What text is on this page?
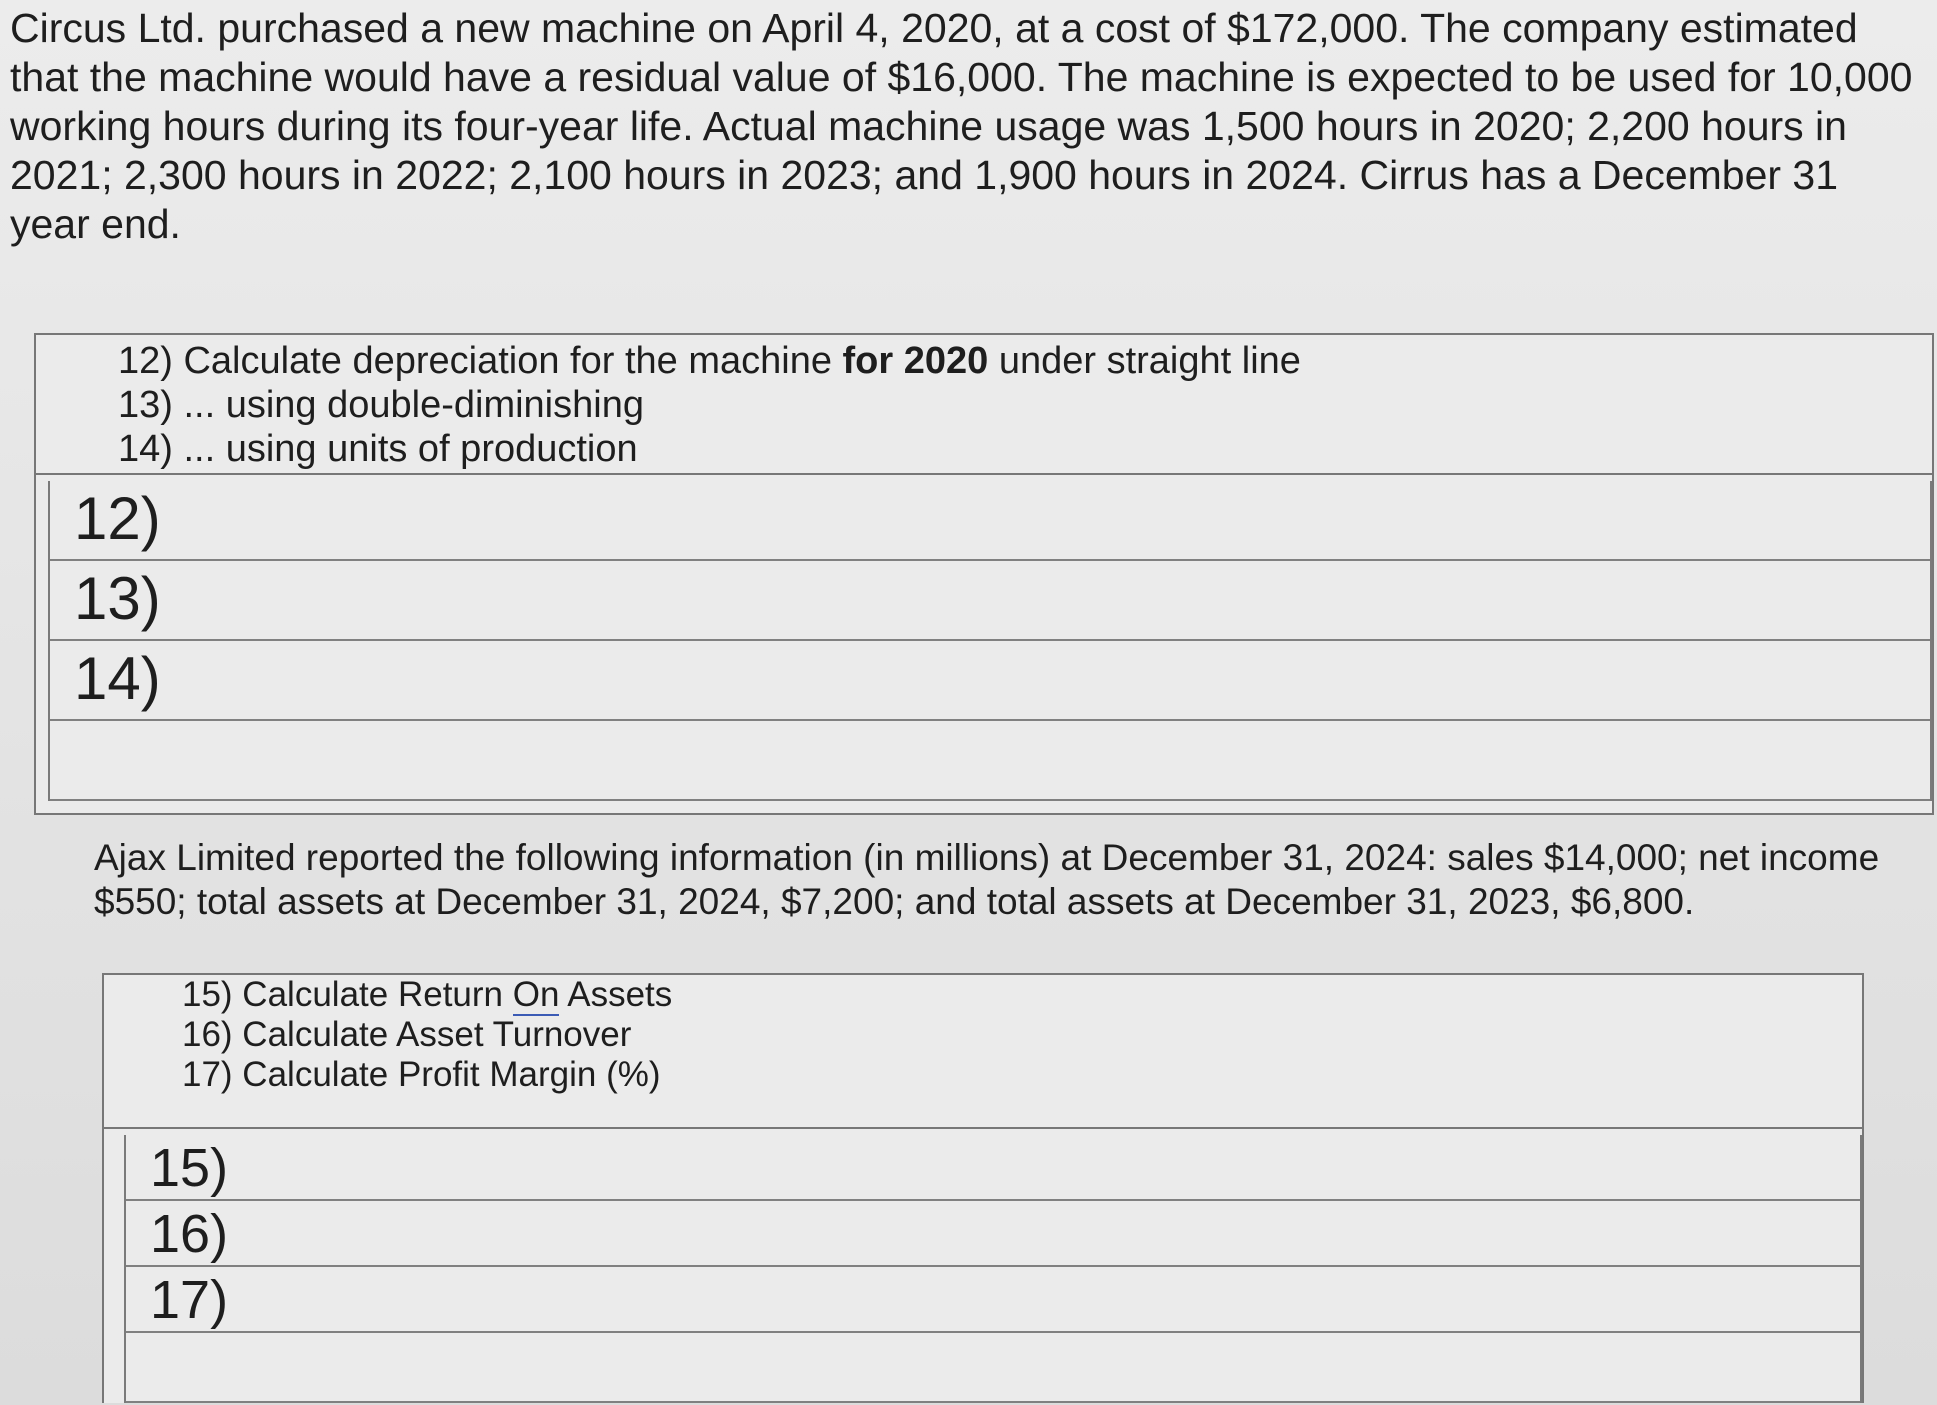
Circus Ltd. purchased a new machine on April 4, 2020, at a cost of $172,000. The company estimated that the machine would have a residual value of $16,000. The machine is expected to be used for 10,000 working hours during its four-year life. Actual machine usage was 1,500 hours in 2020; 2,200 hours in 2021; 2,300 hours in 2022; 2,100 hours in 2023; and 1,900 hours in 2024. Cirrus has a December 31 year end.

12) Calculate depreciation for the machine for 2020 under straight line
13) ... using double-diminishing
14) ... using units of production
12)
13)
14)

Ajax Limited reported the following information (in millions) at December 31, 2024: sales $14,000; net income $550; total assets at December 31, 2024, $7,200; and total assets at December 31, 2023, $6,800.

15) Calculate Return On Assets
16) Calculate Asset Turnover
17) Calculate Profit Margin (%)
15)
16)
17)
